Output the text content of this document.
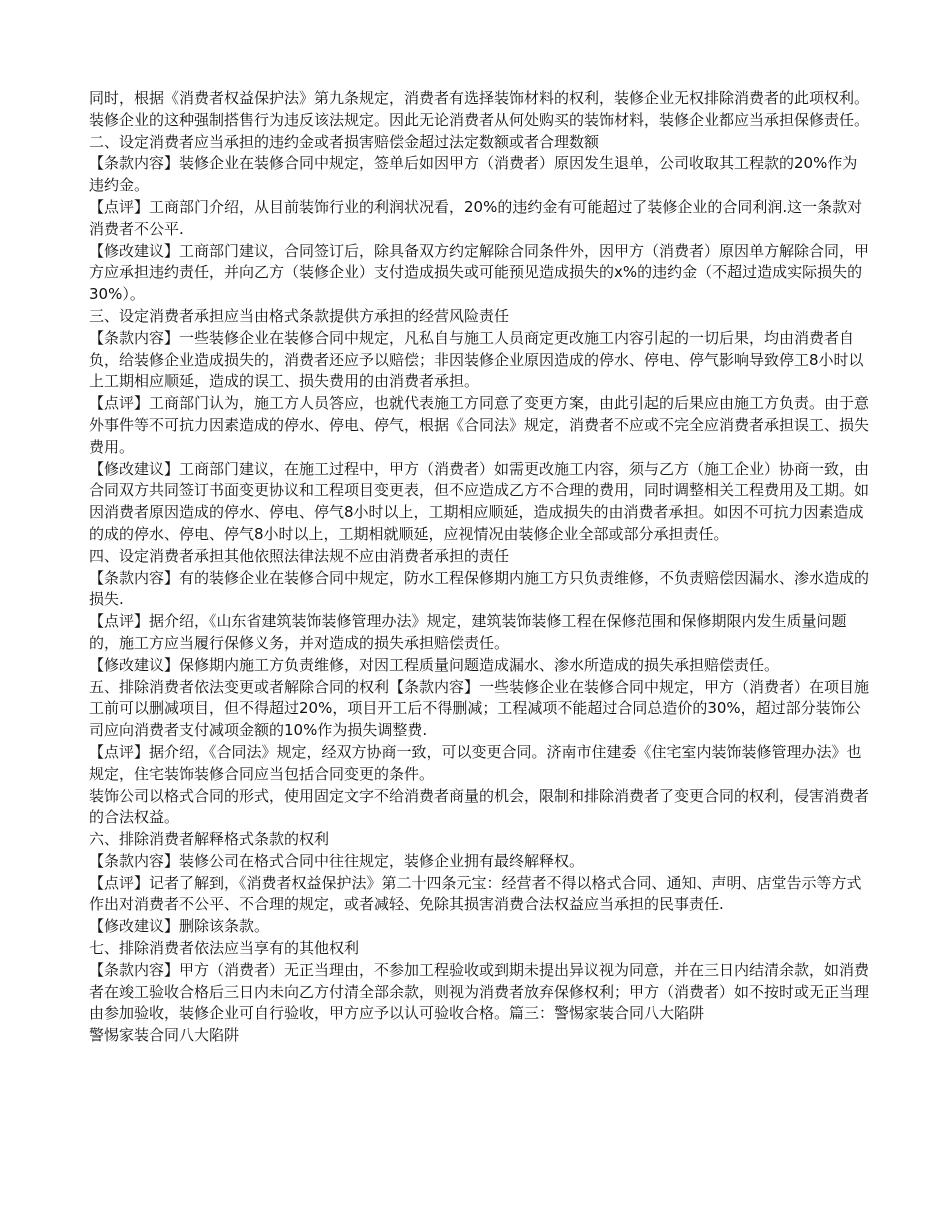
同时，根据《消费者权益保护法》第九条规定，消费者有选择装饰材料的权利，装修企业无权排除消费者的此项权利。装修企业的这种强制搭售行为违反该法规定。因此无论消费者从何处购买的装饰材料，装修企业都应当承担保修责任。

二、设定消费者应当承担的违约金或者损害赔偿金超过法定数额或者合理数额

【条款内容】装修企业在装修合同中规定，签单后如因甲方（消费者）原因发生退单，公司收取其工程款的20%作为违约金。

【点评】工商部门介绍，从目前装饰行业的利润状况看，20%的违约金有可能超过了装修企业的合同利润.这一条款对消费者不公平.

【修改建议】工商部门建议，合同签订后，除具备双方约定解除合同条件外，因甲方（消费者）原因单方解除合同，甲方应承担违约责任，并向乙方（装修企业）支付造成损失或可能预见造成损失的x%的违约金（不超过造成实际损失的30%）。

三、设定消费者承担应当由格式条款提供方承担的经营风险责任

【条款内容】一些装修企业在装修合同中规定，凡私自与施工人员商定更改施工内容引起的一切后果，均由消费者自负，给装修企业造成损失的，消费者还应予以赔偿；非因装修企业原因造成的停水、停电、停气影响导致停工8小时以上工期相应顺延，造成的误工、损失费用的由消费者承担。

【点评】工商部门认为，施工方人员答应，也就代表施工方同意了变更方案，由此引起的后果应由施工方负责。由于意外事件等不可抗力因素造成的停水、停电、停气，根据《合同法》规定，消费者不应或不完全应消费者承担误工、损失费用。

【修改建议】工商部门建议，在施工过程中，甲方（消费者）如需更改施工内容，须与乙方（施工企业）协商一致，由合同双方共同签订书面变更协议和工程项目变更表，但不应造成乙方不合理的费用，同时调整相关工程费用及工期。如因消费者原因造成的停水、停电、停气8小时以上，工期相应顺延，造成损失的由消费者承担。如因不可抗力因素造成的成的停水、停电、停气8小时以上，工期相就顺延，应视情况由装修企业全部或部分承担责任。

四、设定消费者承担其他依照法律法规不应由消费者承担的责任

【条款内容】有的装修企业在装修合同中规定，防水工程保修期内施工方只负责维修，不负责赔偿因漏水、渗水造成的损失.

【点评】据介绍，《山东省建筑装饰装修管理办法》规定，建筑装饰装修工程在保修范围和保修期限内发生质量问题的，施工方应当履行保修义务，并对造成的损失承担赔偿责任。

【修改建议】保修期内施工方负责维修，对因工程质量问题造成漏水、渗水所造成的损失承担赔偿责任。

五、排除消费者依法变更或者解除合同的权利【条款内容】一些装修企业在装修合同中规定，甲方（消费者）在项目施工前可以删减项目，但不得超过20%，项目开工后不得删减；工程减项不能超过合同总造价的30%，超过部分装饰公司应向消费者支付减项金额的10%作为损失调整费.

【点评】据介绍，《合同法》规定，经双方协商一致，可以变更合同。济南市住建委《住宅室内装饰装修管理办法》也规定，住宅装饰装修合同应当包括合同变更的条件。

装饰公司以格式合同的形式，使用固定文字不给消费者商量的机会，限制和排除消费者了变更合同的权利，侵害消费者的合法权益。

六、排除消费者解释格式条款的权利

【条款内容】装修公司在格式合同中往往规定，装修企业拥有最终解释权。

【点评】记者了解到，《消费者权益保护法》第二十四条元宝：经营者不得以格式合同、通知、声明、店堂告示等方式作出对消费者不公平、不合理的规定，或者减轻、免除其损害消费合法权益应当承担的民事责任.

【修改建议】删除该条款。

七、排除消费者依法应当享有的其他权利

【条款内容】甲方（消费者）无正当理由，不参加工程验收或到期未提出异议视为同意，并在三日内结清余款，如消费者在竣工验收合格后三日内未向乙方付清全部余款，则视为消费者放弃保修权利；甲方（消费者）如不按时或无正当理由参加验收，装修企业可自行验收，甲方应予以认可验收合格。篇三：警惕家装合同八大陷阱

警惕家装合同八大陷阱
